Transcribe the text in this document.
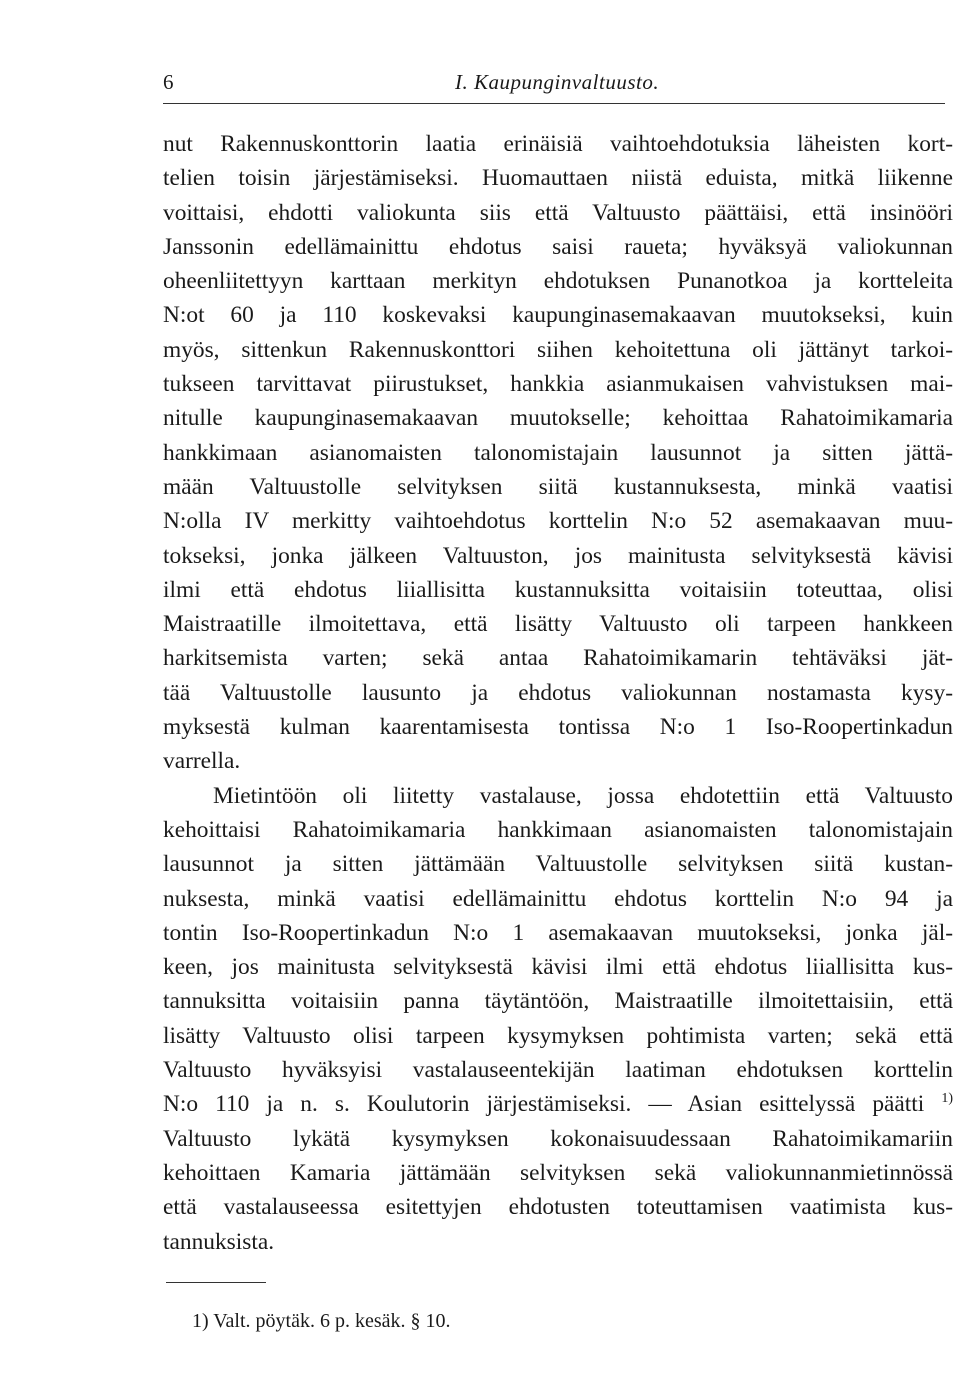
6	I. Kaupunginvaltuusto.
nut Rakennuskonttorin laatia erinäisiä vaihtoehdotuksia läheisten kort-
telien toisin järjestämiseksi. Huomauttaen niistä eduista, mitkä liikenne
voittaisi, ehdotti valiokunta siis että Valtuusto päättäisi, että insinööri
Janssonin edellämainittu ehdotus saisi raueta; hyväksyä valiokunnan
oheenliitettyyn karttaan merkityn ehdotuksen Punanotkoa ja kortteleita
N:ot 60 ja 110 koskevaksi kaupunginasemakaavan muutokseksi, kuin
myös, sittenkun Rakennuskonttori siihen kehoitettuna oli jättänyt tarkoi-
tukseen tarvittavat piirustukset, hankkia asianmukaisen vahvistuksen mai-
nitulle kaupunginasemakaavan muutokselle; kehoittaa Rahatoimikamaria
hankkimaan asianomaisten talonomistajain lausunnot ja sitten jättä-
mään Valtuustolle selvityksen siitä kustannuksesta, minkä vaatisi
N:olla IV merkitty vaihtoehdotus korttelin N:o 52 asemakaavan muu-
tokseksi, jonka jälkeen Valtuuston, jos mainitusta selvityksestä kävisi
ilmi että ehdotus liiallisitta kustannuksitta voitaisiin toteuttaa, olisi
Maistraatille ilmoitettava, että lisätty Valtuusto oli tarpeen hankkeen
harkitsemista varten; sekä antaa Rahatoimikamarin tehtäväksi jät-
tää Valtuustolle lausunto ja ehdotus valiokunnan nostamasta kysy-
myksestä kulman kaarentamisesta tontissa N:o 1 Iso-Roopertinkadun
varrella.
Mietintöön oli liitetty vastalause, jossa ehdotettiin että Valtuusto
kehoittaisi Rahatoimikamaria hankkimaan asianomaisten talonomistajain
lausunnot ja sitten jättämään Valtuustolle selvityksen siitä kustan-
nuksesta, minkä vaatisi edellämainittu ehdotus korttelin N:o 94 ja
tontin Iso-Roopertinkadun N:o 1 asemakaavan muutokseksi, jonka jäl-
keen, jos mainitusta selvityksestä kävisi ilmi että ehdotus liiallisitta kus-
tannuksitta voitaisiin panna täytäntöön, Maistraatille ilmoitettaisiin, että
lisätty Valtuusto olisi tarpeen kysymyksen pohtimista varten; sekä että
Valtuusto hyväksyisi vastalauseentekijän laatiman ehdotuksen korttelin
N:o 110 ja n. s. Koulutorin järjestämiseksi. — Asian esittelyssä päätti $^{1)}$
Valtuusto lykätä kysymyksen kokonaisuudessaan Rahatoimikamariin
kehoittaen Kamaria jättämään selvityksen sekä valiokunnanmietinnössä
että vastalauseessa esitettyjen ehdotusten toteuttamisen vaatimista kus-
tannuksista.
1) Valt. pöytäk. 6 p. kesäk. § 10.
